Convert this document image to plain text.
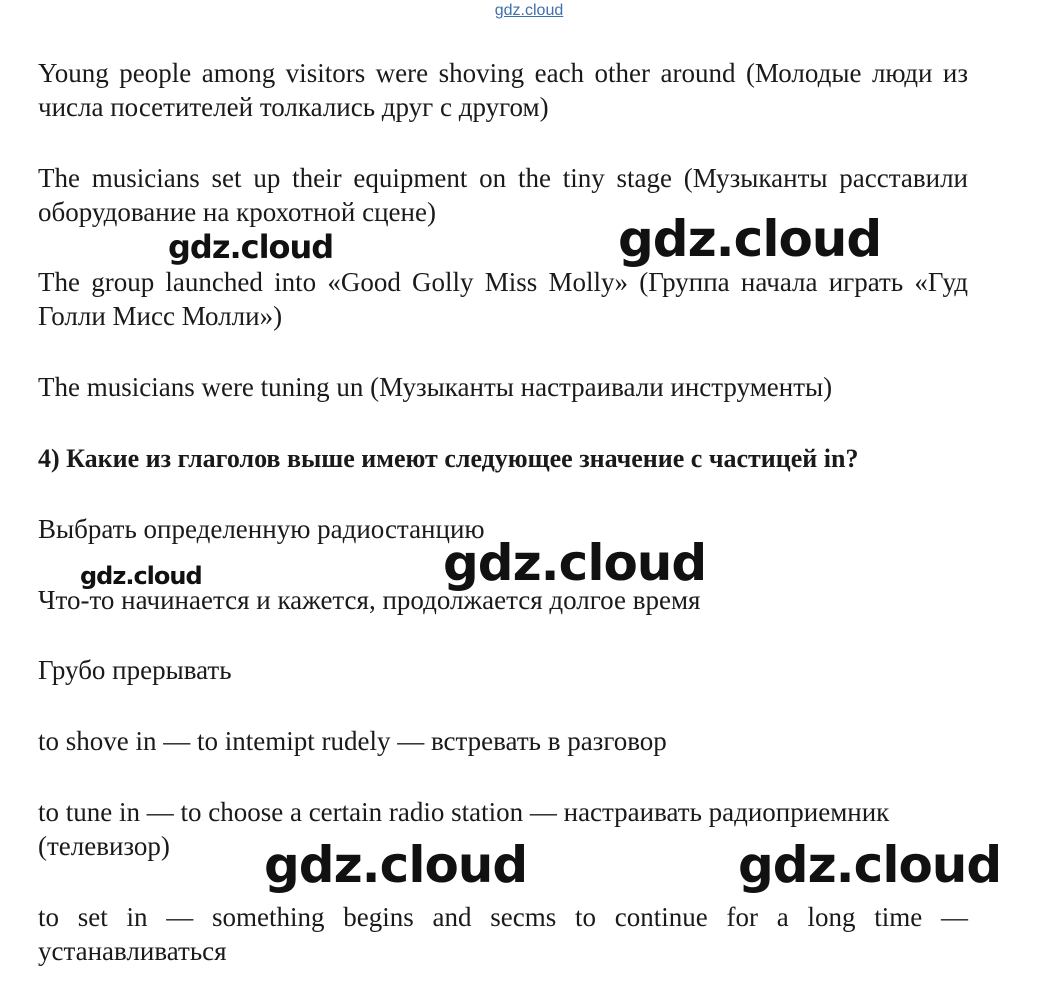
gdz.cloud

Young people among visitors were shoving each other around (Молодые люди из числа посетителей толкались друг с другом)

The musicians set up their equipment on the tiny stage (Музыканты расставили оборудование на крохотной сцене)

The group launched into «Good Golly Miss Molly» (Группа начала играть «Гуд Голли Мисс Молли»)

The musicians were tuning un (Музыканты настраивали инструменты)

4) Какие из глаголов выше имеют следующее значение с частицей in?

Выбрать определенную радиостанцию

Что-то начинается и кажется, продолжается долгое время

Грубо прерывать

to shove in — to intemipt rudely — встревать в разговор

to tune in — to choose a certain radio station — настраивать радиоприемник (телевизор)

to set in — something begins and secms to continue for a long time — устанавливаться

gdz.cloud	gdz.cloud
gdz.cloud
gdz.cloud
gdz.cloud	gdz.cloud
